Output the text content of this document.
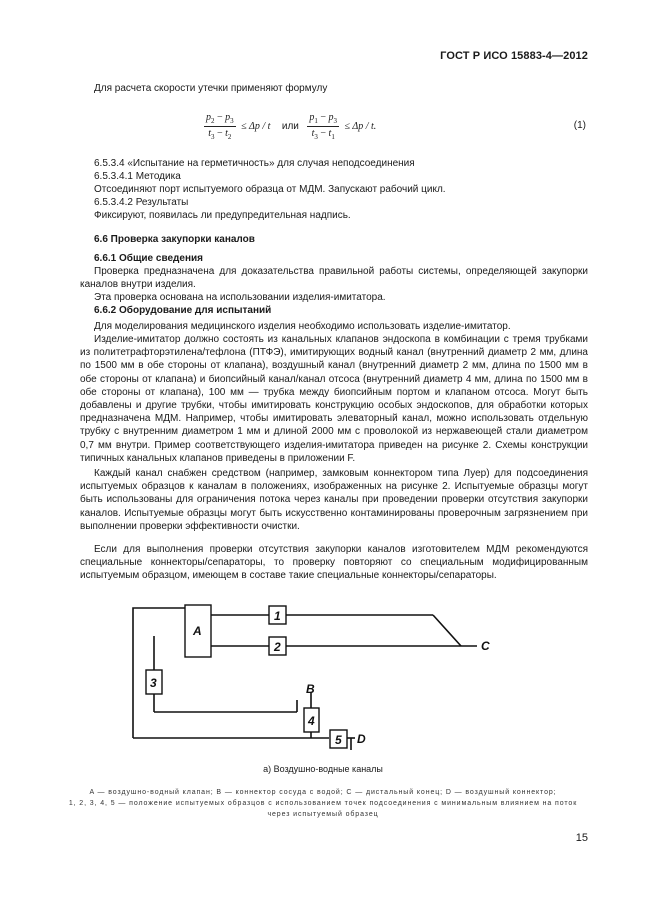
ГОСТ Р ИСО 15883-4—2012
Для расчета скорости утечки применяют формулу
$\frac{p_2 - p_3}{t_3 - t_2} \le \Delta p / t$ или $\frac{p_1 - p_3}{t_3 - t_1} \le \Delta p / t$.	(1)
6.5.3.4 «Испытание на герметичность» для случая неподсоединения
6.5.3.4.1 Методика
Отсоединяют порт испытуемого образца от МДМ. Запускают рабочий цикл.
6.5.3.4.2 Результаты
Фиксируют, появилась ли предупредительная надпись.
6.6 Проверка закупорки каналов
6.6.1 Общие сведения
Проверка предназначена для доказательства правильной работы системы, определяющей закупорки каналов внутри изделия.
Эта проверка основана на использовании изделия-имитатора.
6.6.2 Оборудование для испытаний
Для моделирования медицинского изделия необходимо использовать изделие-имитатор.
Изделие-имитатор должно состоять из канальных клапанов эндоскопа в комбинации с тремя трубками из политетрафторэтилена/тефлона (ПТФЭ), имитирующих водный канал (внутренний диаметр 2 мм, длина по 1500 мм в обе стороны от клапана), воздушный канал (внутренний диаметр 2 мм, длина по 1500 мм в обе стороны от клапана) и биопсийный канал/канал отсоса (внутренний диаметр 4 мм, длина по 1500 мм в обе стороны от клапана), 100 мм — трубка между биопсийным портом и клапаном отсоса. Могут быть добавлены и другие трубки, чтобы имитировать конструкцию особых эндоскопов, для обработки которых предназначена МДМ. Например, чтобы имитировать элеваторный канал, можно использовать отдельную трубку с внутренним диаметром 1 мм и длиной 2000 мм с проволокой из нержавеющей стали диаметром 0,7 мм внутри. Пример соответствующего изделия-имитатора приведен на рисунке 2. Схемы конструкции типичных канальных клапанов приведены в приложении F.
Каждый канал снабжен средством (например, замковым коннектором типа Луер) для подсоединения испытуемых образцов к каналам в положениях, изображенных на рисунке 2. Испытуемые образцы могут быть использованы для ограничения потока через каналы при проведении проверки отсутствия закупорки каналов. Испытуемые образцы могут быть искусственно контаминированы проверочным загрязнением при выполнении проверки эффективности очистки.
Если для выполнения проверки отсутствия закупорки каналов изготовителем МДМ рекомендуются специальные коннекторы/сепараторы, то проверку повторяют со специальным модифицированным испытуемым образцом, имеющем в составе такие специальные коннекторы/сепараторы.
A
1
2
3
4
5
B
C
D
а) Воздушно-водные каналы
A — воздушно-водный клапан; B — коннектор сосуда с водой; C — дистальный конец; D — воздушный коннектор;
1, 2, 3, 4, 5 — положение испытуемых образцов с использованием точек подсоединения с минимальным влиянием на поток через испытуемый образец
15
